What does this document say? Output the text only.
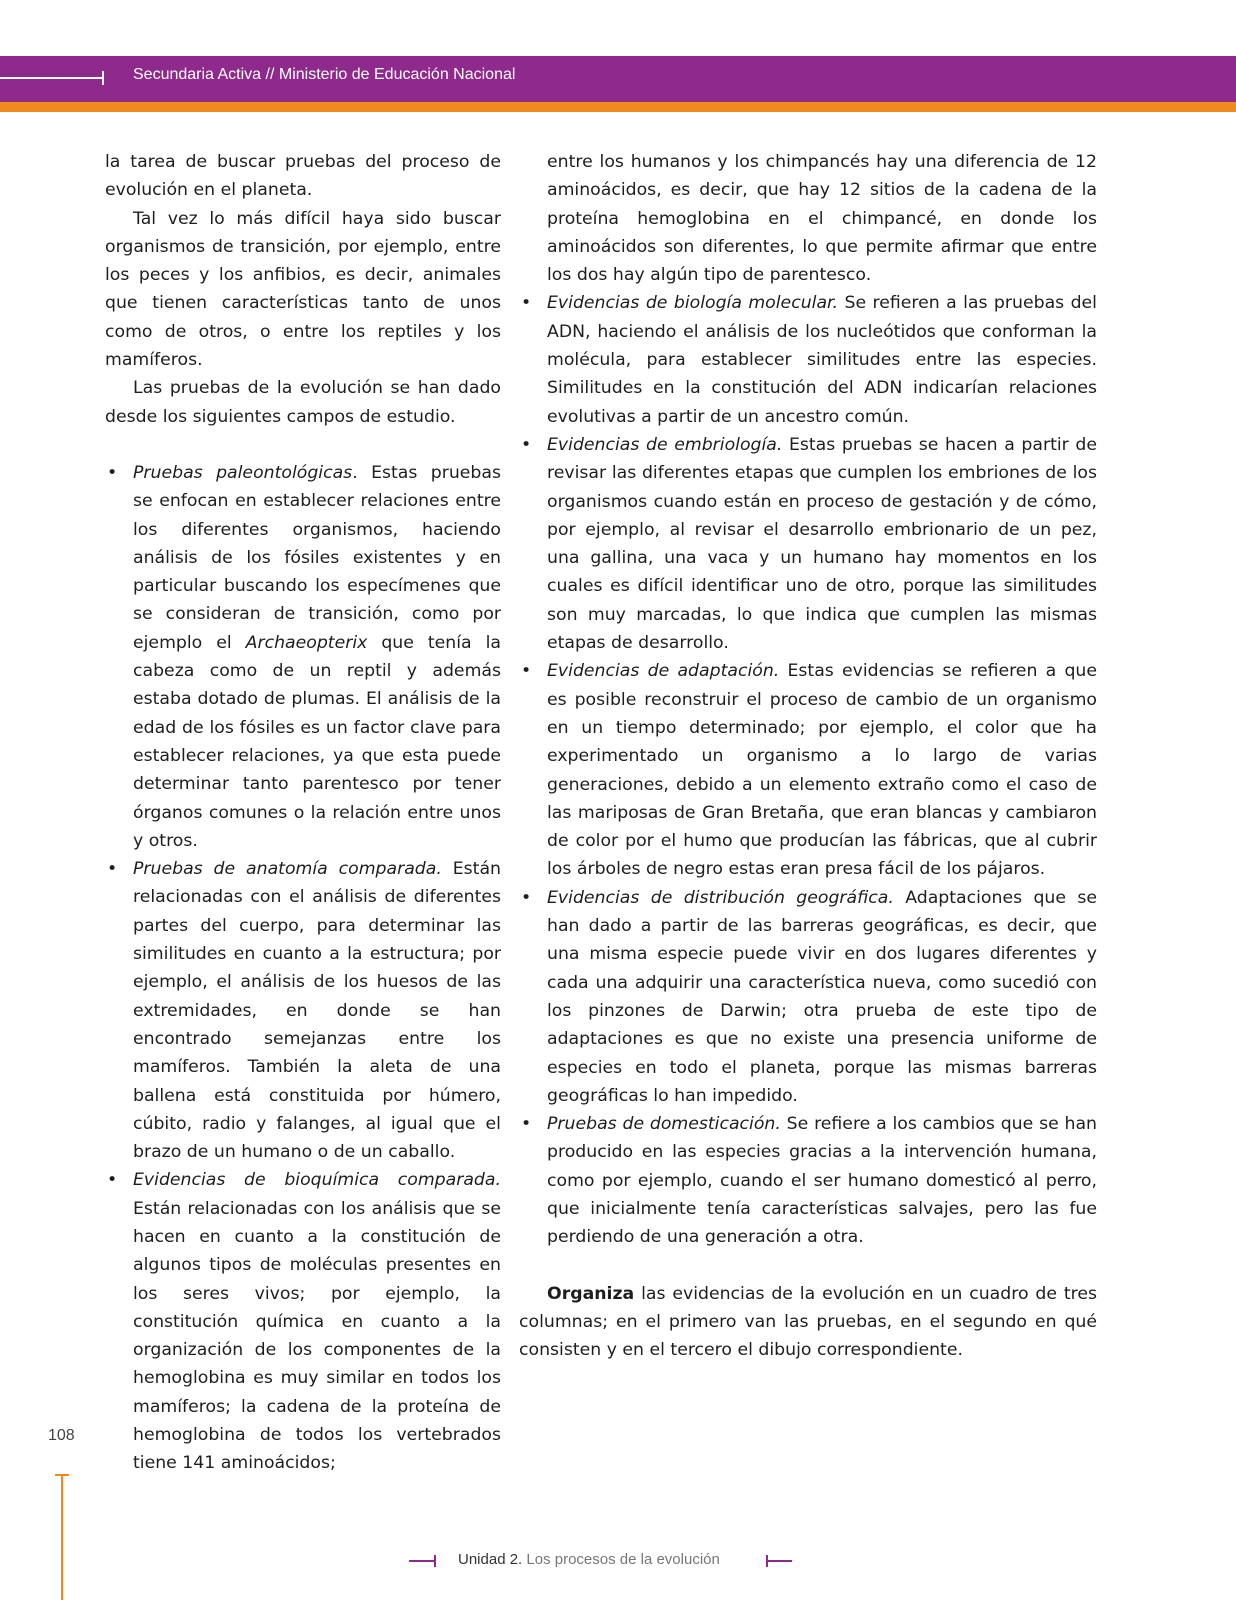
Secundaria Activa // Ministerio de Educación Nacional

la tarea de buscar pruebas del proceso de evolución en el planeta.

Tal vez lo más difícil haya sido buscar organismos de transición, por ejemplo, entre los peces y los anfibios, es decir, animales que tienen características tanto de unos como de otros, o entre los reptiles y los mamíferos.

Las pruebas de la evolución se han dado desde los siguientes campos de estudio.

• Pruebas paleontológicas. Estas pruebas se enfocan en establecer relaciones entre los diferentes organismos, haciendo análisis de los fósiles existentes y en particular buscando los especímenes que se consideran de transición, como por ejemplo el Archaeopterix que tenía la cabeza como de un reptil y además estaba dotado de plumas. El análisis de la edad de los fósiles es un factor clave para establecer relaciones, ya que esta puede determinar tanto parentesco por tener órganos comunes o la relación entre unos y otros.
• Pruebas de anatomía comparada. Están relacionadas con el análisis de diferentes partes del cuerpo, para determinar las similitudes en cuanto a la estructura; por ejemplo, el análisis de los huesos de las extremidades, en donde se han encontrado semejanzas entre los mamíferos. También la aleta de una ballena está constituida por húmero, cúbito, radio y falanges, al igual que el brazo de un humano o de un caballo.
• Evidencias de bioquímica comparada. Están relacionadas con los análisis que se hacen en cuanto a la constitución de algunos tipos de moléculas presentes en los seres vivos; por ejemplo, la constitución química en cuanto a la organización de los componentes de la hemoglobina es muy similar en todos los mamíferos; la cadena de la proteína de hemoglobina de todos los vertebrados tiene 141 aminoácidos;

entre los humanos y los chimpancés hay una diferencia de 12 aminoácidos, es decir, que hay 12 sitios de la cadena de la proteína hemoglobina en el chimpancé, en donde los aminoácidos son diferentes, lo que permite afirmar que entre los dos hay algún tipo de parentesco.

• Evidencias de biología molecular. Se refieren a las pruebas del ADN, haciendo el análisis de los nucleótidos que conforman la molécula, para establecer similitudes entre las especies. Similitudes en la constitución del ADN indicarían relaciones evolutivas a partir de un ancestro común.
• Evidencias de embriología. Estas pruebas se hacen a partir de revisar las diferentes etapas que cumplen los embriones de los organismos cuando están en proceso de gestación y de cómo, por ejemplo, al revisar el desarrollo embrionario de un pez, una gallina, una vaca y un humano hay momentos en los cuales es difícil identificar uno de otro, porque las similitudes son muy marcadas, lo que indica que cumplen las mismas etapas de desarrollo.
• Evidencias de adaptación. Estas evidencias se refieren a que es posible reconstruir el proceso de cambio de un organismo en un tiempo determinado; por ejemplo, el color que ha experimentado un organismo a lo largo de varias generaciones, debido a un elemento extraño como el caso de las mariposas de Gran Bretaña, que eran blancas y cambiaron de color por el humo que producían las fábricas, que al cubrir los árboles de negro estas eran presa fácil de los pájaros.
• Evidencias de distribución geográfica. Adaptaciones que se han dado a partir de las barreras geográficas, es decir, que una misma especie puede vivir en dos lugares diferentes y cada una adquirir una característica nueva, como sucedió con los pinzones de Darwin; otra prueba de este tipo de adaptaciones es que no existe una presencia uniforme de especies en todo el planeta, porque las mismas barreras geográficas lo han impedido.
• Pruebas de domesticación. Se refiere a los cambios que se han producido en las especies gracias a la intervención humana, como por ejemplo, cuando el ser humano domesticó al perro, que inicialmente tenía características salvajes, pero las fue perdiendo de una generación a otra.

Organiza las evidencias de la evolución en un cuadro de tres columnas; en el primero van las pruebas, en el segundo en qué consisten y en el tercero el dibujo correspondiente.

108
Unidad 2. Los procesos de la evolución
